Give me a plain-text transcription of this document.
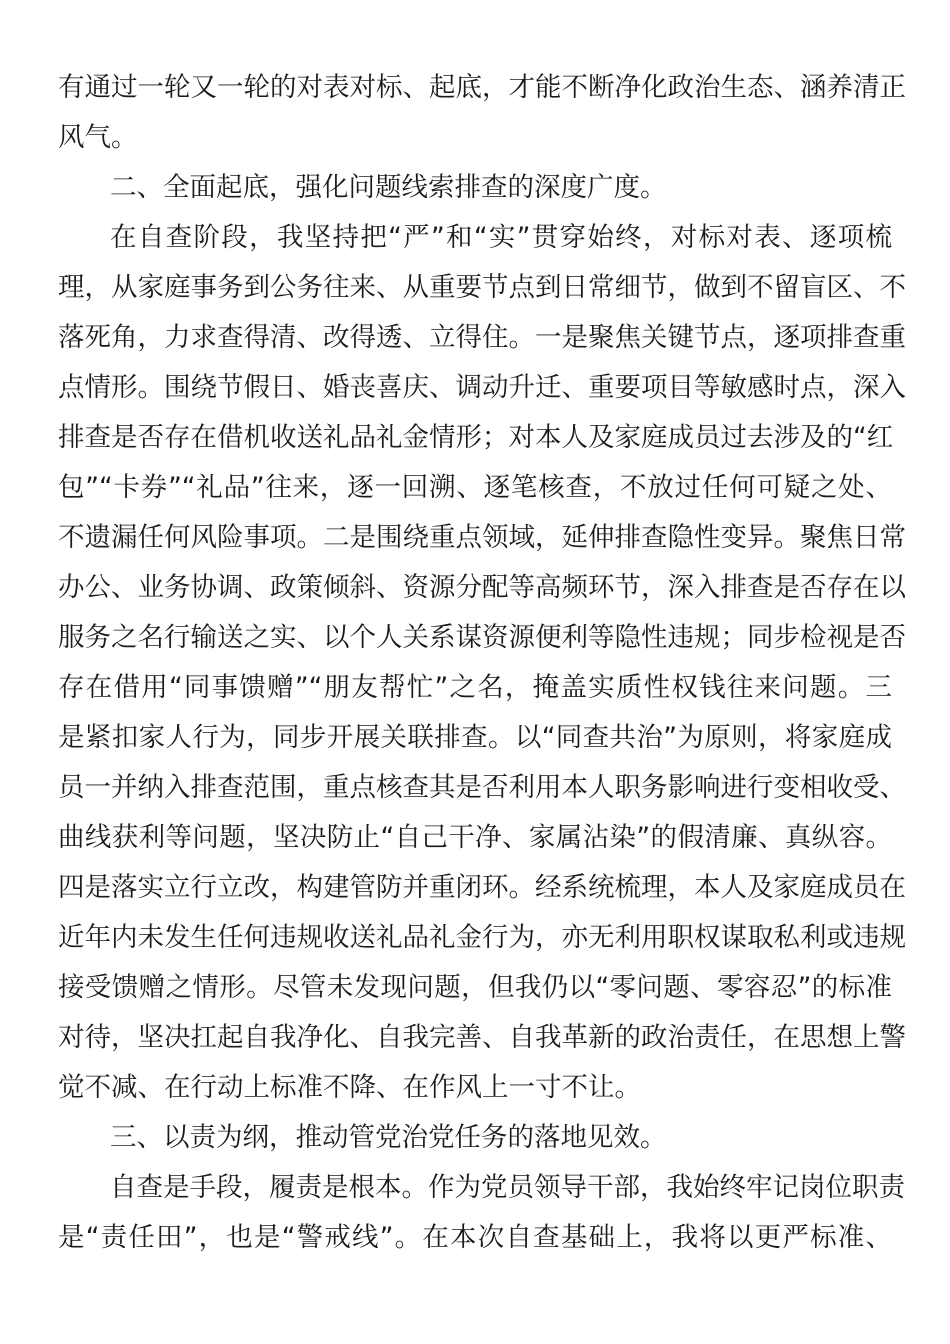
有通过一轮又一轮的对表对标、起底，才能不断净化政治生态、涵养清正
风气。
二、全面起底，强化问题线索排查的深度广度。
在自查阶段，我坚持把“严”和“实”贯穿始终，对标对表、逐项梳
理，从家庭事务到公务往来、从重要节点到日常细节，做到不留盲区、不
落死角，力求查得清、改得透、立得住。一是聚焦关键节点，逐项排查重
点情形。围绕节假日、婚丧喜庆、调动升迁、重要项目等敏感时点，深入
排查是否存在借机收送礼品礼金情形；对本人及家庭成员过去涉及的“红
包”“卡券”“礼品”往来，逐一回溯、逐笔核查，不放过任何可疑之处、
不遗漏任何风险事项。二是围绕重点领域，延伸排查隐性变异。聚焦日常
办公、业务协调、政策倾斜、资源分配等高频环节，深入排查是否存在以
服务之名行输送之实、以个人关系谋资源便利等隐性违规；同步检视是否
存在借用“同事馈赠”“朋友帮忙”之名，掩盖实质性权钱往来问题。三
是紧扣家人行为，同步开展关联排查。以“同查共治”为原则，将家庭成
员一并纳入排查范围，重点核查其是否利用本人职务影响进行变相收受、
曲线获利等问题，坚决防止“自己干净、家属沾染”的假清廉、真纵容。
四是落实立行立改，构建管防并重闭环。经系统梳理，本人及家庭成员在
近年内未发生任何违规收送礼品礼金行为，亦无利用职权谋取私利或违规
接受馈赠之情形。尽管未发现问题，但我仍以“零问题、零容忍”的标准
对待，坚决扛起自我净化、自我完善、自我革新的政治责任，在思想上警
觉不减、在行动上标准不降、在作风上一寸不让。
三、以责为纲，推动管党治党任务的落地见效。
自查是手段，履责是根本。作为党员领导干部，我始终牢记岗位职责
是“责任田”，也是“警戒线”。在本次自查基础上，我将以更严标准、
